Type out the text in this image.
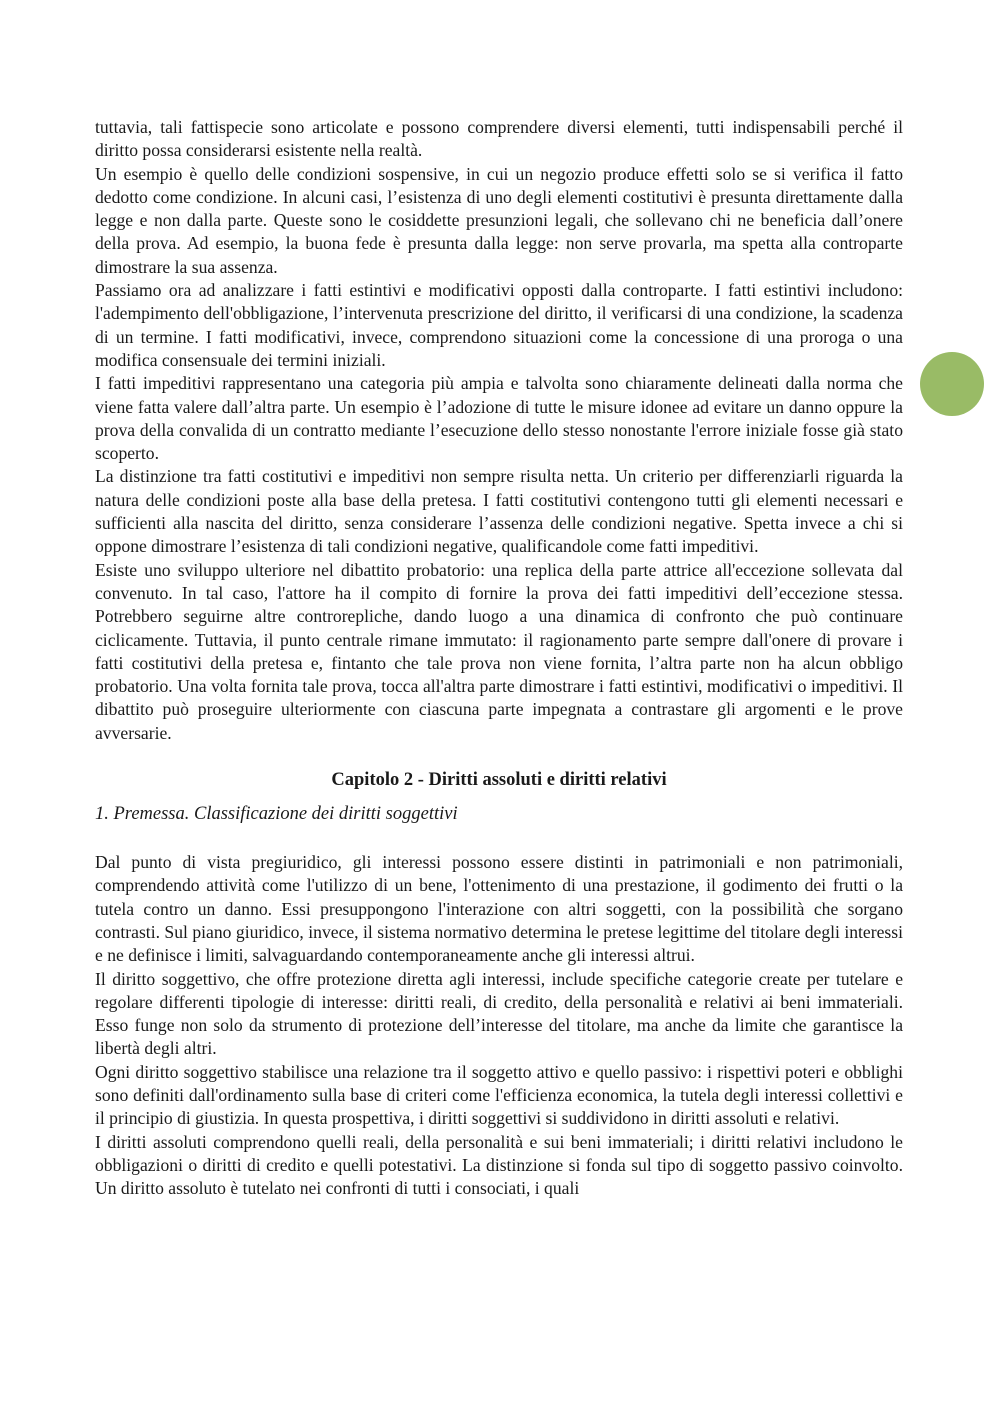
tuttavia, tali fattispecie sono articolate e possono comprendere diversi elementi, tutti indispensabili perché il diritto possa considerarsi esistente nella realtà.

Un esempio è quello delle condizioni sospensive, in cui un negozio produce effetti solo se si verifica il fatto dedotto come condizione. In alcuni casi, l’esistenza di uno degli elementi costitutivi è presunta direttamente dalla legge e non dalla parte. Queste sono le cosiddette presunzioni legali, che sollevano chi ne beneficia dall’onere della prova. Ad esempio, la buona fede è presunta dalla legge: non serve provarla, ma spetta alla controparte dimostrare la sua assenza.

Passiamo ora ad analizzare i fatti estintivi e modificativi opposti dalla controparte. I fatti estintivi includono: l'adempimento dell'obbligazione, l’intervenuta prescrizione del diritto, il verificarsi di una condizione, la scadenza di un termine. I fatti modificativi, invece, comprendono situazioni come la concessione di una proroga o una modifica consensuale dei termini iniziali.

I fatti impeditivi rappresentano una categoria più ampia e talvolta sono chiaramente delineati dalla norma che viene fatta valere dall’altra parte. Un esempio è l’adozione di tutte le misure idonee ad evitare un danno oppure la prova della convalida di un contratto mediante l’esecuzione dello stesso nonostante l'errore iniziale fosse già stato scoperto.

La distinzione tra fatti costitutivi e impeditivi non sempre risulta netta. Un criterio per differenziarli riguarda la natura delle condizioni poste alla base della pretesa. I fatti costitutivi contengono tutti gli elementi necessari e sufficienti alla nascita del diritto, senza considerare l’assenza delle condizioni negative. Spetta invece a chi si oppone dimostrare l’esistenza di tali condizioni negative, qualificandole come fatti impeditivi.

Esiste uno sviluppo ulteriore nel dibattito probatorio: una replica della parte attrice all'eccezione sollevata dal convenuto. In tal caso, l'attore ha il compito di fornire la prova dei fatti impeditivi dell’eccezione stessa. Potrebbero seguirne altre controrepliche, dando luogo a una dinamica di confronto che può continuare ciclicamente. Tuttavia, il punto centrale rimane immutato: il ragionamento parte sempre dall'onere di provare i fatti costitutivi della pretesa e, fintanto che tale prova non viene fornita, l’altra parte non ha alcun obbligo probatorio. Una volta fornita tale prova, tocca all'altra parte dimostrare i fatti estintivi, modificativi o impeditivi. Il dibattito può proseguire ulteriormente con ciascuna parte impegnata a contrastare gli argomenti e le prove avversarie.

Capitolo 2 - Diritti assoluti e diritti relativi
1. Premessa. Classificazione dei diritti soggettivi

Dal punto di vista pregiuridico, gli interessi possono essere distinti in patrimoniali e non patrimoniali, comprendendo attività come l'utilizzo di un bene, l'ottenimento di una prestazione, il godimento dei frutti o la tutela contro un danno. Essi presuppongono l'interazione con altri soggetti, con la possibilità che sorgano contrasti. Sul piano giuridico, invece, il sistema normativo determina le pretese legittime del titolare degli interessi e ne definisce i limiti, salvaguardando contemporaneamente anche gli interessi altrui.

Il diritto soggettivo, che offre protezione diretta agli interessi, include specifiche categorie create per tutelare e regolare differenti tipologie di interesse: diritti reali, di credito, della personalità e relativi ai beni immateriali. Esso funge non solo da strumento di protezione dell’interesse del titolare, ma anche da limite che garantisce la libertà degli altri.

Ogni diritto soggettivo stabilisce una relazione tra il soggetto attivo e quello passivo: i rispettivi poteri e obblighi sono definiti dall'ordinamento sulla base di criteri come l'efficienza economica, la tutela degli interessi collettivi e il principio di giustizia. In questa prospettiva, i diritti soggettivi si suddividono in diritti assoluti e relativi.

I diritti assoluti comprendono quelli reali, della personalità e sui beni immateriali; i diritti relativi includono le obbligazioni o diritti di credito e quelli potestativi. La distinzione si fonda sul tipo di soggetto passivo coinvolto. Un diritto assoluto è tutelato nei confronti di tutti i consociati, i quali
